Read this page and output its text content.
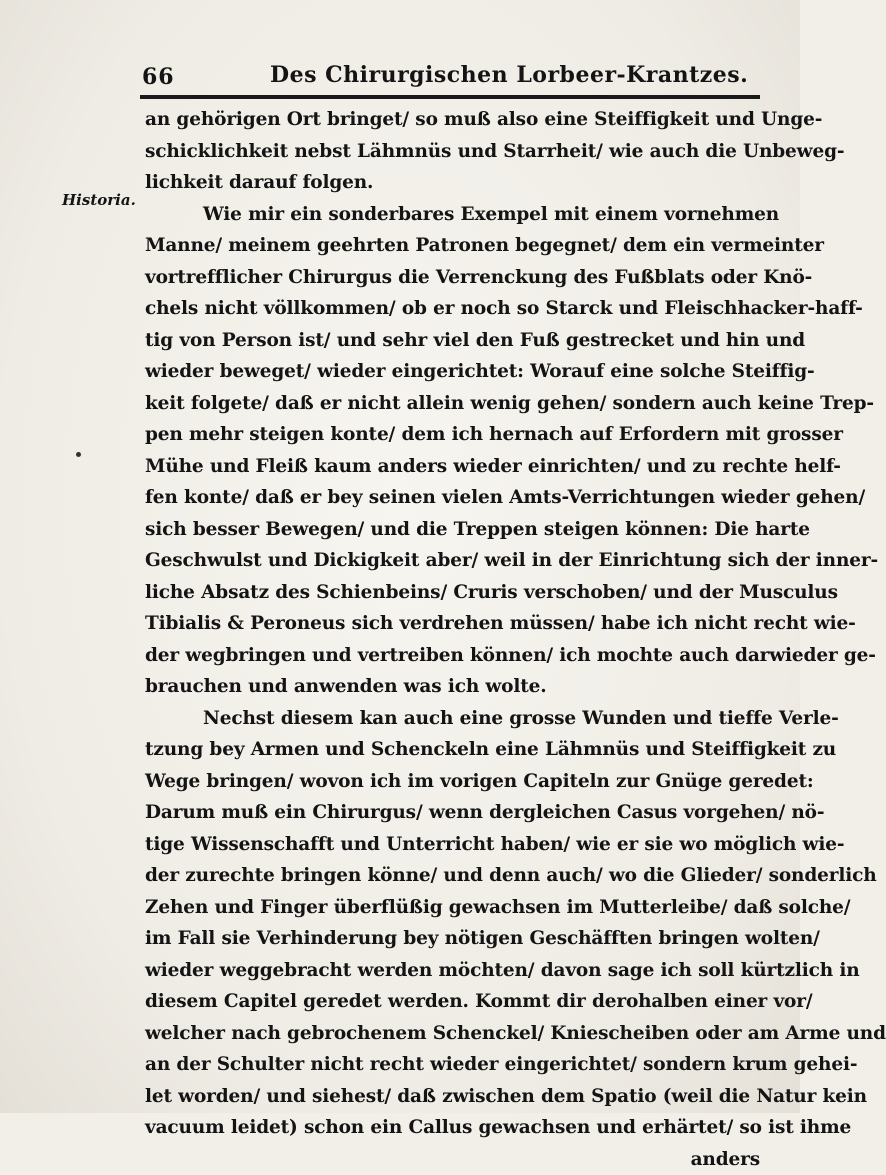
66	Des Chirurgischen Lorbeer-Krantzes.
Historia.
an gehörigen Ort bringet/ so muß also eine Steiffigkeit und Unge-
schicklichkeit nebst Lähmnüs und Starrheit/ wie auch die Unbeweg-
lichkeit darauf folgen.
Wie mir ein sonderbares Exempel mit einem vornehmen
Manne/ meinem geehrten Patronen begegnet/ dem ein vermeinter
vortrefflicher Chirurgus die Verrenckung des Fußblats oder Knö-
chels nicht völlkommen/ ob er noch so Starck und Fleischhacker-haff-
tig von Person ist/ und sehr viel den Fuß gestrecket und hin und
wieder beweget/ wieder eingerichtet: Worauf eine solche Steiffig-
keit folgete/ daß er nicht allein wenig gehen/ sondern auch keine Trep-
pen mehr steigen konte/ dem ich hernach auf Erfordern mit grosser
Mühe und Fleiß kaum anders wieder einrichten/ und zu rechte helf-
fen konte/ daß er bey seinen vielen Amts-Verrichtungen wieder gehen/
sich besser Bewegen/ und die Treppen steigen können: Die harte
Geschwulst und Dickigkeit aber/ weil in der Einrichtung sich der inner-
liche Absatz des Schienbeins/ Cruris verschoben/ und der Musculus
Tibialis & Peroneus sich verdrehen müssen/ habe ich nicht recht wie-
der wegbringen und vertreiben können/ ich mochte auch darwieder ge-
brauchen und anwenden was ich wolte.
Nechst diesem kan auch eine grosse Wunden und tieffe Verle-
tzung bey Armen und Schenckeln eine Lähmnüs und Steiffigkeit zu
Wege bringen/ wovon ich im vorigen Capiteln zur Gnüge geredet:
Darum muß ein Chirurgus/ wenn dergleichen Casus vorgehen/ nö-
tige Wissenschafft und Unterricht haben/ wie er sie wo möglich wie-
der zurechte bringen könne/ und denn auch/ wo die Glieder/ sonderlich
Zehen und Finger überflüßig gewachsen im Mutterleibe/ daß solche/
im Fall sie Verhinderung bey nötigen Geschäfften bringen wolten/
wieder weggebracht werden möchten/ davon sage ich soll kürtzlich in
diesem Capitel geredet werden. Kommt dir derohalben einer vor/
welcher nach gebrochenem Schenckel/ Kniescheiben oder am Arme und
an der Schulter nicht recht wieder eingerichtet/ sondern krum gehei-
let worden/ und siehest/ daß zwischen dem Spatio (weil die Natur kein
vacuum leidet) schon ein Callus gewachsen und erhärtet/ so ist ihme
anders
